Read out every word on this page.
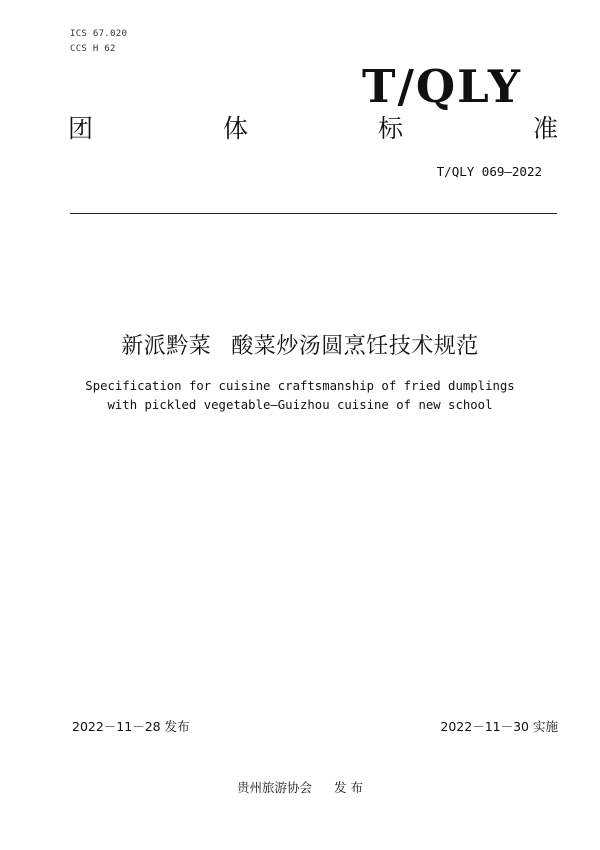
ICS 67.020
CCS H 62
T/QLY
团	体	标	准
T/QLY 069—2022
新派黔菜 酸菜炒汤圆烹饪技术规范
Specification for cuisine craftsmanship of fried dumplings
with pickled vegetable—Guizhou cuisine of new school
2022－11－28 发布	2022－11－30 实施
贵州旅游协会 发 布
